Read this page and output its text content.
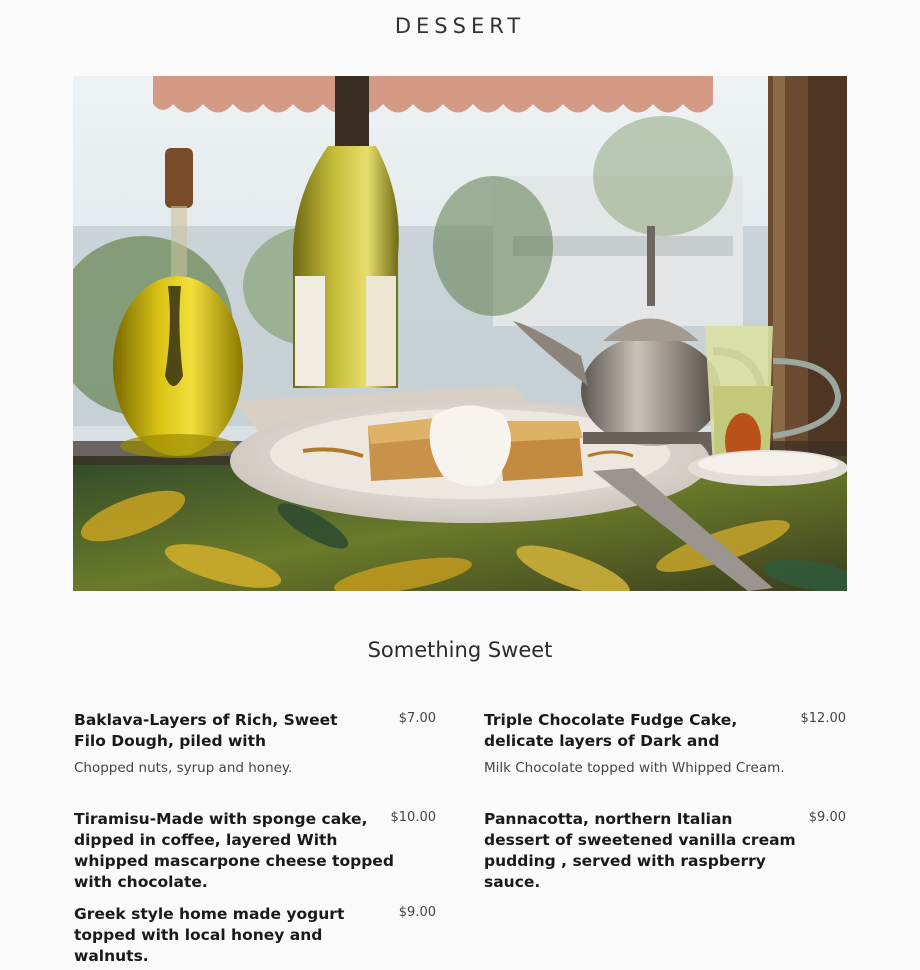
DESSERT
Something Sweet
Baklava-Layers of Rich, Sweet Filo Dough, piled with
$7.00
Chopped nuts, syrup and honey.
Triple Chocolate Fudge Cake, delicate layers of Dark and
$12.00
Milk Chocolate topped with Whipped Cream.
Tiramisu-Made with sponge cake, dipped in coffee, layered With whipped mascarpone cheese topped with chocolate.
$10.00	Pannacotta, northern Italian dessert of sweetened vanilla cream pudding , served with raspberry sauce.
$9.00
Greek style home made yogurt topped with local honey and walnuts.
$9.00
